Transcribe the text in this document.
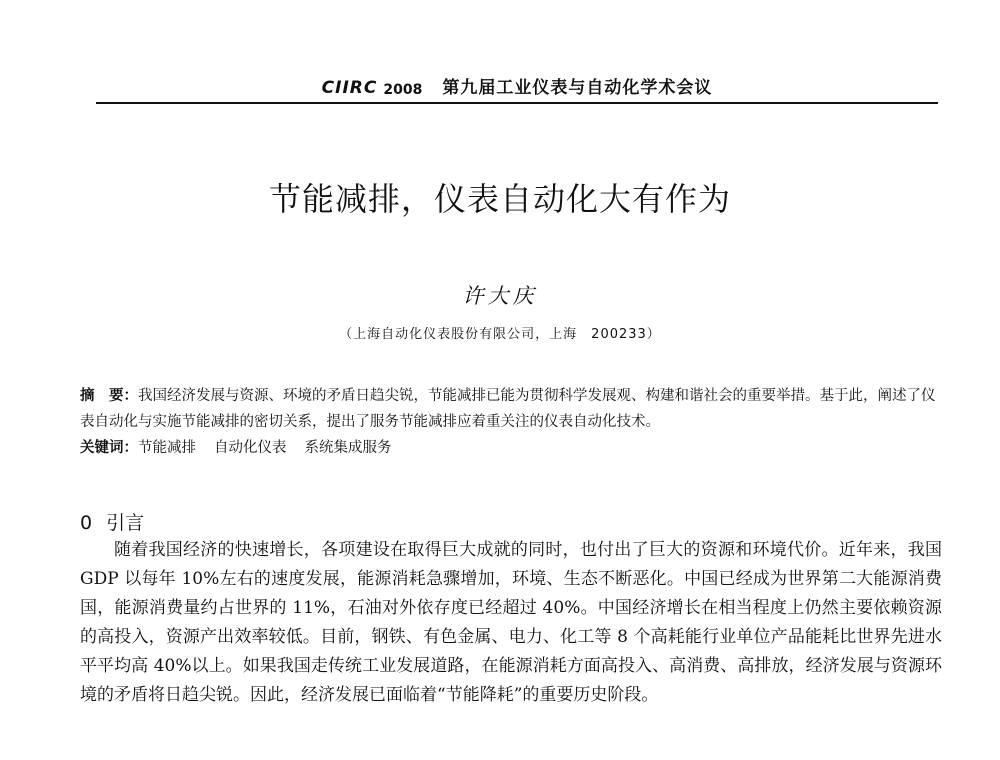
CIIRC 2008 第九届工业仪表与自动化学术会议
节能减排，仪表自动化大有作为
许大庆
（上海自动化仪表股份有限公司，上海　200233）

摘　要：我国经济发展与资源、环境的矛盾日趋尖锐，节能减排已能为贯彻科学发展观、构建和谐社会的重要举措。基于此，阐述了仪表自动化与实施节能减排的密切关系，提出了服务节能减排应着重关注的仪表自动化技术。

关键词：节能减排 自动化仪表 系统集成服务

0 引言

随着我国经济的快速增长，各项建设在取得巨大成就的同时，也付出了巨大的资源和环境代价。近年来，我国 GDP 以每年 10%左右的速度发展，能源消耗急骤增加，环境、生态不断恶化。中国已经成为世界第二大能源消费国，能源消费量约占世界的 11%，石油对外依存度已经超过 40%。中国经济增长在相当程度上仍然主要依赖资源的高投入，资源产出效率较低。目前，钢铁、有色金属、电力、化工等 8 个高耗能行业单位产品能耗比世界先进水平平均高 40%以上。如果我国走传统工业发展道路，在能源消耗方面高投入、高消费、高排放，经济发展与资源环境的矛盾将日趋尖锐。因此，经济发展已面临着“节能降耗”的重要历史阶段。
